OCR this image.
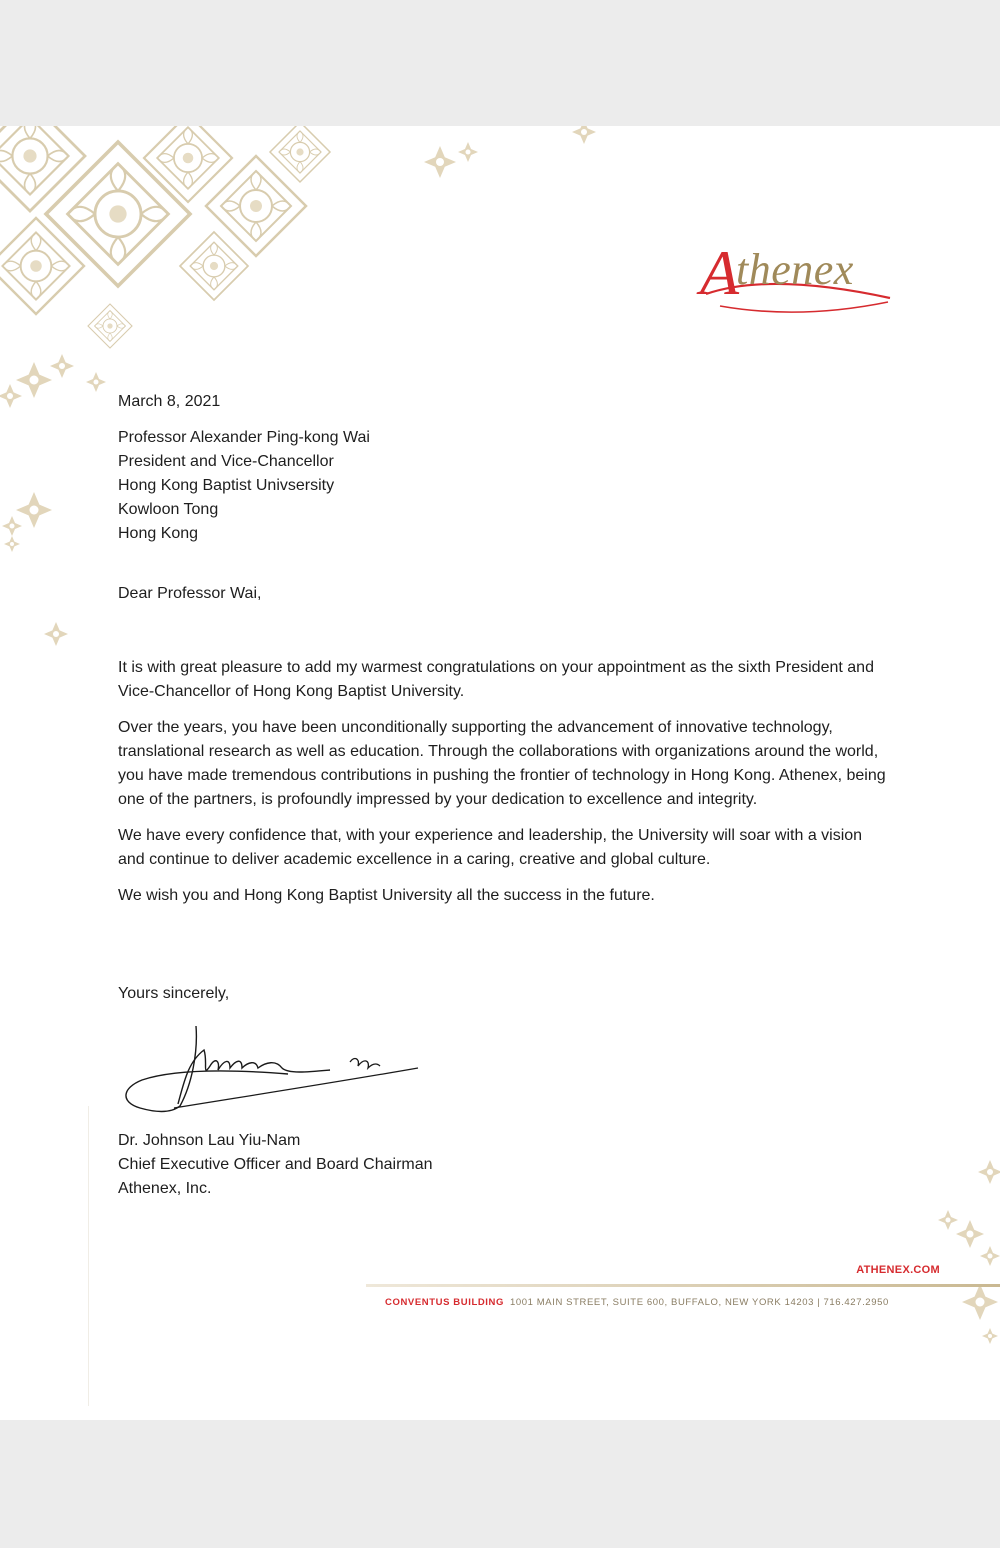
A
thenex
March 8, 2021

Professor Alexander Ping-kong Wai

President and Vice-Chancellor

Hong Kong Baptist Univsersity

Kowloon Tong

Hong Kong

Dear Professor Wai,

It is with great pleasure to add my warmest congratulations on your appointment as the sixth President and Vice-Chancellor of Hong Kong Baptist University.

Over the years, you have been unconditionally supporting the advancement of innovative technology, translational research as well as education. Through the collaborations with organizations around the world, you have made tremendous contributions in pushing the frontier of technology in Hong Kong. Athenex, being one of the partners, is profoundly impressed by your dedication to excellence and integrity.

We have every confidence that, with your experience and leadership, the University will soar with a vision and continue to deliver academic excellence in a caring, creative and global culture.

We wish you and Hong Kong Baptist University all the success in the future.

Yours sincerely,

Dr. Johnson Lau Yiu-Nam

Chief Executive Officer and Board Chairman

Athenex, Inc.

ATHENEX.COM
CONVENTUS BUILDING 1001 MAIN STREET, SUITE 600, BUFFALO, NEW YORK 14203 | 716.427.2950
